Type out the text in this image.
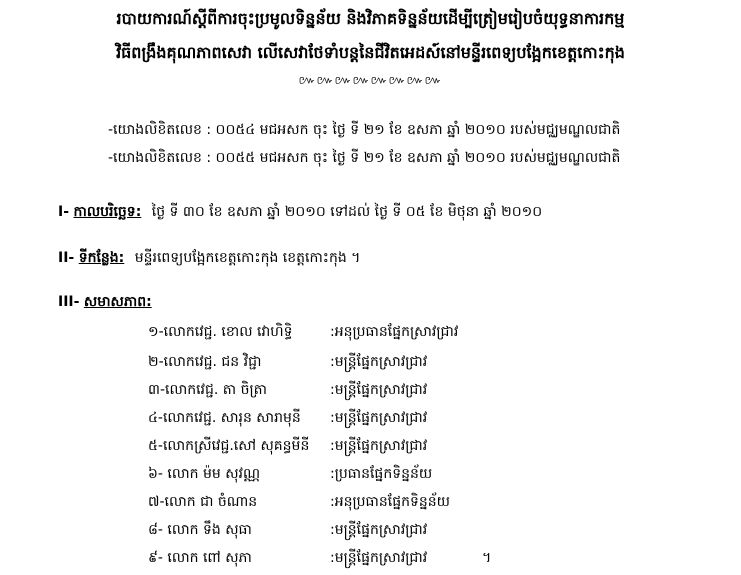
របាយការណ៍ស្តីពីការចុះប្រមូលទិន្នន័យ និងវិភាគទិន្នន័យដើម្បីត្រៀមរៀបចំយុទ្ធនាការកម្ម
វិធីពង្រឹងគុណភាពសេវា លើសេវាថែទាំបន្តនៃជីវិតអេដស៍នៅមន្ទីរពេទ្យបង្អែកខេត្តកោះកុង
៚៚៚៚៚៚៚៚
-យោងលិខិតលេខ : ០០៥៤ មជអសក ចុះ ថ្ងៃ ទី ២១ ខែ ឧសភា ឆ្នាំ ២០១០ របស់មជ្ឈមណ្ឌលជាតិ
-យោងលិខិតលេខ : ០០៥៥ មជអសក ចុះ ថ្ងៃ ទី ២១ ខែ ឧសភា ឆ្នាំ ២០១០ របស់មជ្ឈមណ្ឌលជាតិ
I- កាលបរិច្ឆេទ: ថ្ងៃ ទី ៣០ ខែ ឧសភា ឆ្នាំ ២០១០ ទៅដល់ ថ្ងៃ ទី ០៥ ខែ មិថុនា ឆ្នាំ ២០១០
II- ទីកន្លែង: មន្ទីរពេទ្យបង្អែកខេត្តកោះកុង ខេត្តកោះកុង ។
III- សមាសភាព:
១-លោកវេជ្ជ. ខោល វោហិទ្ធិ	:អនុប្រធានផ្នែកស្រាវជ្រាវ
២-លោកវេជ្ជ. ជន វិជ្ជា	:មន្ត្រីផ្នែកស្រាវជ្រាវ
៣-លោកវេជ្ជ. តា ចិត្រា	:មន្ត្រីផ្នែកស្រាវជ្រាវ
៤-លោកវេជ្ជ. សារុន សារាមុនី :មន្ត្រីផ្នែកស្រាវជ្រាវ
៥-លោកស្រីវេជ្ជ.សៅ សុគន្ធមីនី :មន្ត្រីផ្នែកស្រាវជ្រាវ
៦- លោក ម៉ម សុវណ្ណ	:ប្រធានផ្នែកទិន្នន័យ
៧-លោក ជា ចំណាន	:អនុប្រធានផ្នែកទិន្នន័យ
៨- លោក ទឹង សុធា	:មន្ត្រីផ្នែកស្រាវជ្រាវ
៩- លោក ពៅ សុភា	:មន្ត្រីផ្នែកស្រាវជ្រាវ	។
